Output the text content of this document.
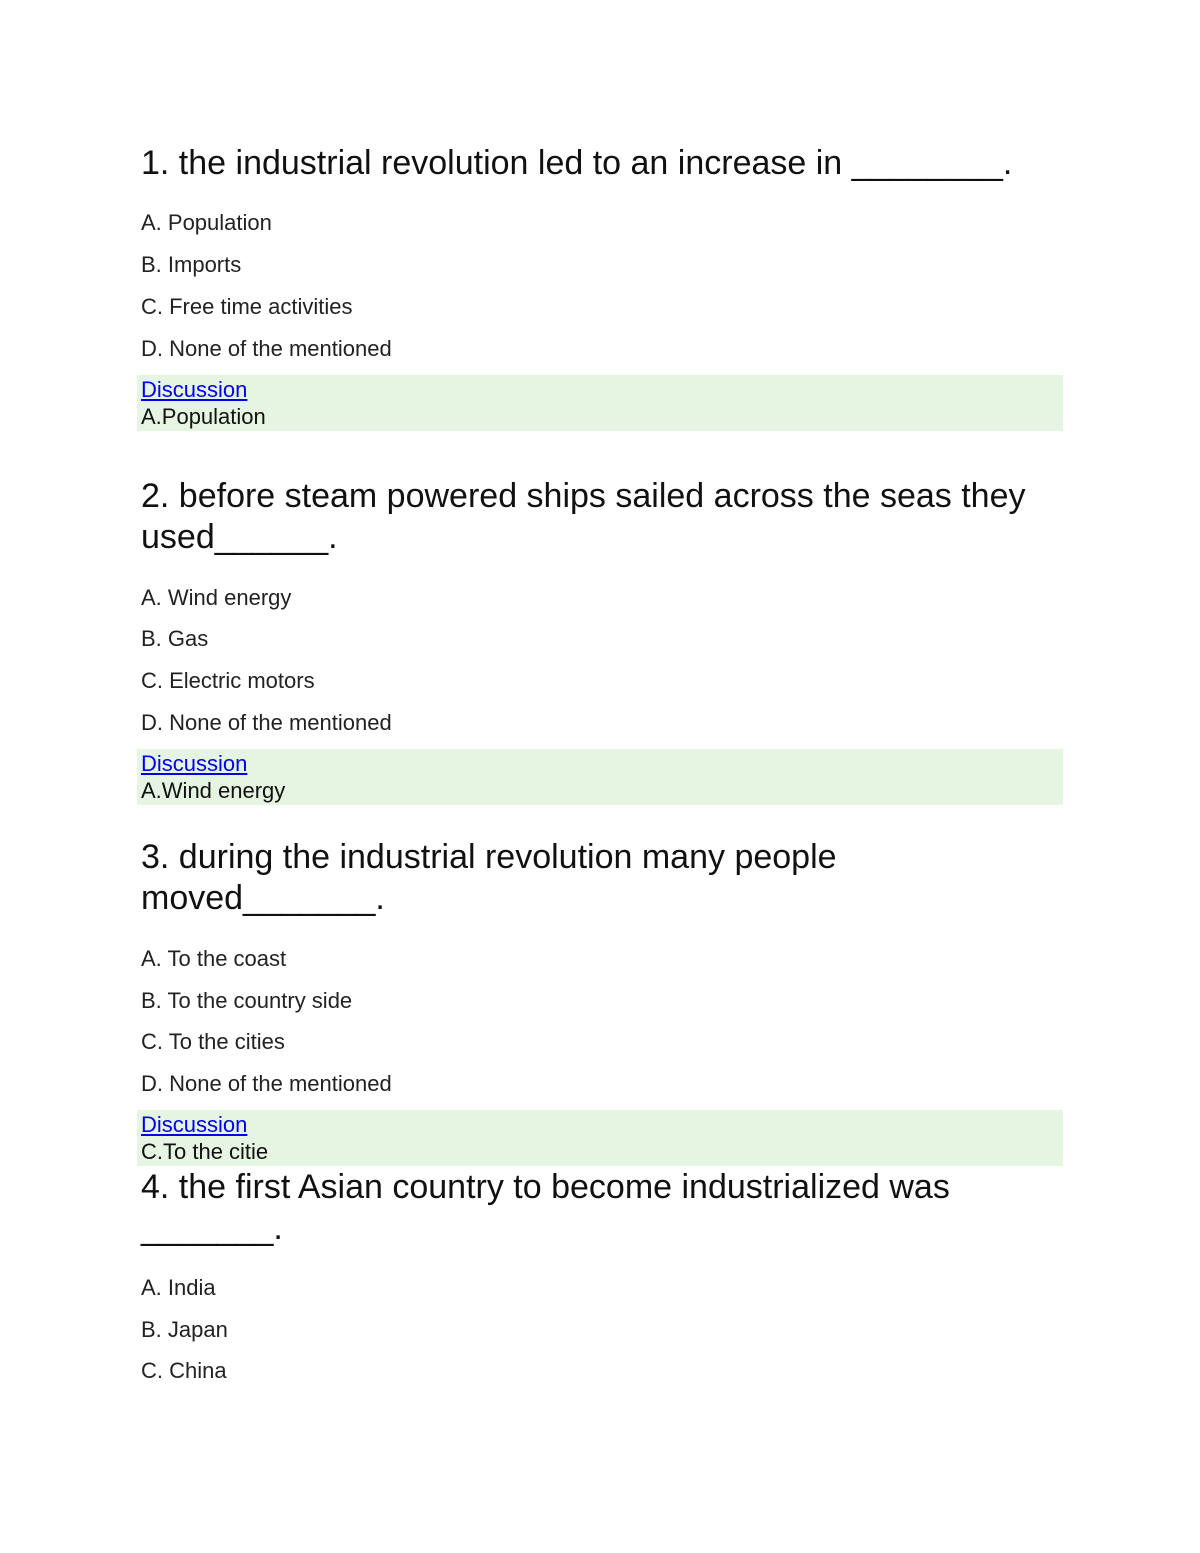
1. the industrial revolution led to an increase in ________.
A. Population
B. Imports
C. Free time activities
D. None of the mentioned
Discussion
A.Population
2. before steam powered ships sailed across the seas they used______.
A. Wind energy
B. Gas
C. Electric motors
D. None of the mentioned
Discussion
A.Wind energy
3. during the industrial revolution many people moved_______.
A. To the coast
B. To the country side
C. To the cities
D. None of the mentioned
Discussion
C.To the citie
4. the first Asian country to become industrialized was _______.
A. India
B. Japan
C. China
